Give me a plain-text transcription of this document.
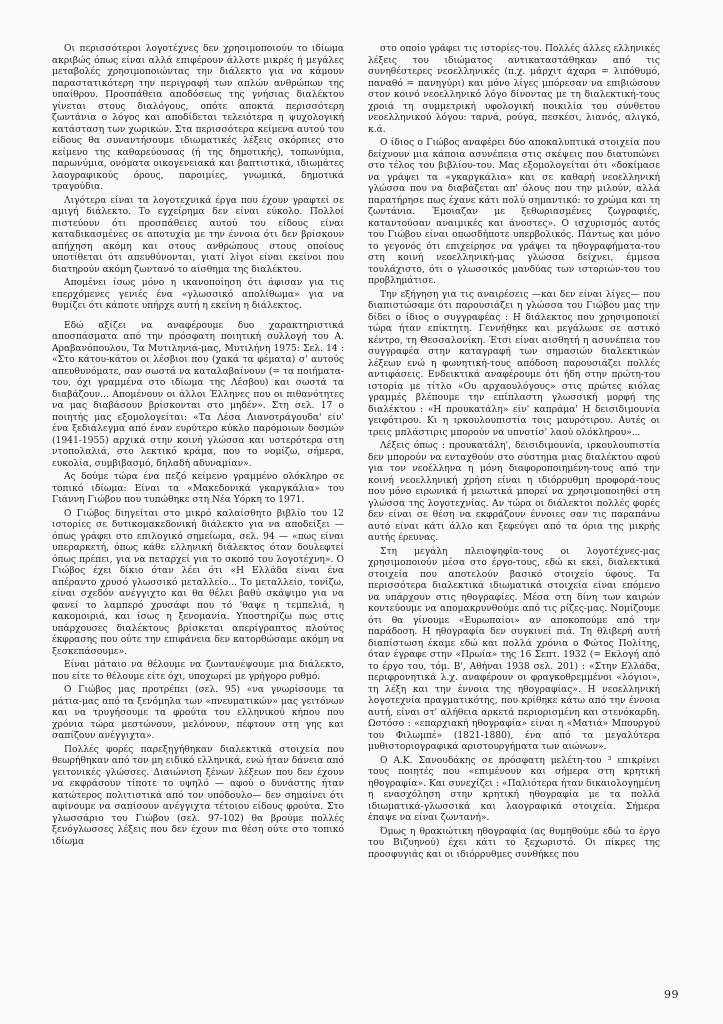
Οι περισσότεροι λογοτέχνες δεν χρησιμοποιούν το ιδίωμα ακριβώς όπως είναι αλλά επιφέρουν άλλοτε μικρές ή μεγάλες μεταβολές χρησιμοποιώντας την διάλεκτο για να κάμουν παραστατικότερη την περιγραφή των απλών ανθρώπων της υπαίθρου. Προσπάθεια αποδόσεως της γνήσιας διαλέκτου γίνεται στους διαλόγους, οπότε αποκτά περισσότερη ζωντάνια ο λόγος και αποδίδεται τελειότερα η ψυχολογική κατάσταση των χωρικών. Στα περισσότερα κείμενα αυτού του είδους θα συναντήσουμε ιδιωματικές λέξεις σκόρπιες στο κείμενο της καθαρεύουσας (ή της δημοτικής), τοπωνύμια, παρωνύμια, ονόματα οικογενειακά και βαπτιστικά, ιδιωμάτες λαογραφικούς όρους, παροιμίες, γνωμικά, δημοτικά τραγούδια.

Λιγότερα είναι τα λογοτεχνικά έργα που έχουν γραφτεί σε αμιγή διάλεκτο. Το εγχείρημα δεν είναι εύκολο. Πολλοί πιστεύουν ότι προσπάθειες αυτού του είδους είναι καταδικασμένες σε αποτυχία με την έννοια ότι δεν βρίσκουν απήχηση ακόμη και στους ανθρώπους στους οποίους υποτίθεται ότι απευθύνονται, γιατί λίγοι είναι εκείνοι που διατηρούν ακόμη ζωντανό το αίσθημα της διαλέκτου.

Απομένει ίσως μόνο η ικανοποίηση ότι άφισαν για τις επερχόμενες γενιές ένα «γλωσσικό απολίθωμα» για να θυμίζει ότι κάποτε υπήρχε αυτή η εκείνη η διάλεκτος.

Εδώ αξίζει να αναφέρουμε δυο χαρακτηριστικά αποσπάσματα από την πρόσφατη ποιητική συλλογή του Α. Αραβανόπουλου, Τα Μυτιληνιά-μας, Μυτιλήνη 1975: Σελ. 14 : «Στο κάτου-κάτου οι λέσβιοι που (χακά τα φέματα) σ' αυτούς απευθυνόματε, σαν σωστά να καταλαβαίνουν (= τα ποιήματα-του, όχι γραμμένα στο ιδίωμα της Λέσβου) και σωστά τα διαβάζουν... Απομένουν οι άλλοι Έλληνες που οι πιθανότητες να μας διαβάσουν βρίσκονται στο μηδέν». Στη σελ. 17 ο ποιητής μας εξομολογείται: «Τα Λέσα Λιανοτράγουδα' είν' ένα ξεδιάλεγμα από έναν ευρύτερο κύκλο παρόμοιων δοσμών (1941-1955) αρχικά στην κοινή γλώσσα και υστερότερα στη ντοπολαλιά, στο λεκτικό κράμα, που το νομίζω, σήμερα, ευκολία, συμβιβασμό, δηλαδή αδυναμίαν».

Ας δούμε τώρα ένα πεζό κείμενο γραμμένο ολόκληρο σε τοπικό ιδίωμα: Είναι τα «Μακεδονικά γκαργκάλια» του Γιάννη Γιώβου που τυπώθηκε στη Νέα Υόρκη το 1971.

Ο Γιώβος διηγείται στο μικρό καλαίσθητο βιβλίο του 12 ιστορίες σε δυτικομακεδονική διάλεκτο για να αποδείξει — όπως γράφει στο επιλογικό σημείωμα, σελ. 94 — «πως είναι υπεραρκετή, όπως κάθε ελληνική διάλεκτος όταν δουλεφτεί όπως πρέπει, για να πεταρχεί για το σκοπό του λογοτέχνη». Ο Γιώβος έχει δίκιο όταν λέει ότι «Η Ελλάδα είναι ένα απέραντο χρυσό γλωσσικό μεταλλείο... Το μεταλλείο, τονίζω, είναι σχεδόν ανέγγιχτο και θα θέλει βαθύ σκάψιμο για να φανεί το λαμπερό χρυσάφι που τό 'θαψε η τεμπελιά, η κακομοιριά, και ίσως η ξενομανία. Υποστηρίζω πως στις υπάρχουσες διαλέκτους βρίσκεται απερίγραπτος πλούτος έκφρασης που ούτε την επιφάνεια δεν κατορθώσαμε ακόμη να ξεσκεπάσουμε».

Είναι μάταιο να θέλουμε να ζωντανέψουμε μια διάλεκτο, που είτε το θέλουμε είτε όχι, υποχωρεί με γρήγορο ρυθμό.

Ο Γιώβος μας προτρέπει (σελ. 95) «να γνωρίσουμε τα μάτια-μας από τα ξενόμηλα των «πνευματικών» μας γειτόνων και να τρυγήσουμε τα φρούτα του ελληνικού κήπου που χρόνια τώρα μεστώνουν, μελόνουν, πέφτουν στη γης και σαπίζουν ανέγγιχτα».

Πολλές φορές παρεξηγήθηκαν διαλεκτικά στοιχεία που θεωρήθηκαν από τον μη ειδικό ελληνικά, ενώ ήταν δάνεια από γειτονικές γλώσσες. Διαιώνιση ξένων λέξεων που δεν έχουν να εκφράσουν τίποτε το υψηλό — αφού ο δυνάστης ήταν κατώτερος πολιτιστικά από τον υπόδουλο— δεν σημαίνει ότι αφίνουμε να σαπίσουν ανέγγιχτα τέτοιου είδους φρούτα. Στο γλωσσάριο του Γιώβου (σελ. 97-102) θα βρούμε πολλές ξενόγλωσσες λέξεις που δεν έχουν πια θέση ούτε στο τοπικό ιδίωμα

στο οποίο γράφει τις ιστορίες-του. Πολλές άλλες ελληνικές λέξεις του ιδιώματος αντικαταστάθηκαν από τις συνηθέστερες νεοελληνικές (π.χ. μάρχιτ άχαρα = λιπόθυμό, παναθό = πανηγύρι) και μόνο λίγες μπόρεσαν να επιβιώσουν στον κοινό νεοελληνικό λόγο δίνοντας με τη διαλεκτική-τους χροιά τη συμμετρική υφολογική ποικιλία του σύνθετου νεοελληνικού λόγου: ταρνά, ρούγα, πεσκέσι, λιανός, αλιγκό, κ.ά.

Ο ίδιος ο Γιώβος αναφέρει δύο αποκαλυπτικά στοιχεία που δείχνουν μια κάποια ασυνέπεια στις σκέψεις που διατυπώνει στο τέλος του βιβλίου-του. Μας εξομολογείται ότι «δοκίμασε να γράψει τα «γκαργκάλια» και σε καθαρή νεοελληνική γλώσσα που να διαβάζεται απ' όλους που την μιλούν, αλλά παρατήρησε πως έχανε κάτι πολύ σημαντικό: το χρώμα και τη ζωντάνια. Έμοιαζαν με ξεθωριασμένες ζωγραφιές, καταντούσαν αναιμικές και άνοστες». Ο ισχυρισμός αυτός του Γιώβου είναι οπωσδήποτε υπερβολικός. Πάντως και μόνο το γεγονός ότι επιχείρησε να γράψει τα ηθογραφήματα-του στη κοινή νεοελληνική-μας γλώσσα δείχνει, έμμεσα τουλάχιστο, ότι ο γλωσσικός μανδύας των ιστοριών-του του προβλημάτισε.

Την εξήγηση για τις αναιρέσεις —και δεν είναι λίγες— που διαπιστώσαμε ότι παρουσιάζει η γλώσσα του Γιώβου μας την δίδει ο ίδιος ο συγγραφέας : Η διάλεκτος που χρησιμοποιεί τώρα ήταν επίκτητη. Γεννήθηκε και μεγάλωσε σε αστικό κέντρο, τη Θεσσαλονίκη. Έτσι είναι αισθητή η ασυνέπεια του συγγραφέα στην καταγραφή των σημασιών διαλεκτικών λέξεων ενώ η φωνητική-τους απόδοση παρουσιάζει πολλές αντιφάσεις. Ενδεικτικά αναφέρουμε ότι ήδη στην πρώτη-του ιστορία με τίτλο «Ου αρχαουλόγους» στις πρώτες κιόλας γραμμές βλέπουμε την επίπλαστη γλωσσική μορφή της διαλέκτου : «Η προυκατάλη» είν' καπράμα' Η δεισιδιμουνία γειφότιρου. Κι η ιρκουλουπιστία τοις μαυρότιρου. Αυτές οι τρεις μπλάστιρις μπορούν να υπνοτίσ' λαού ολόκληρου»...

Λέξεις όπως : προυκατάλη', δεισιδιμουνία, ιρκουλουπιστία δεν μπορούν να ενταχθούν στο σύστημα μιας διαλέκτου αφού για τον νεοέλληνα η μόνη διαφοροποιημένη-τους από την κοινή νεοελληνική χρήση είναι η ιδιόρρυθμη προφορά-τους που μόνο ειρωνικά ή μειωτικά μπορεί να χρησιμοποιηθεί στη γλώσσα της λογοτεχνίας. Αν τώρα οι διάλεκτοι πολλές φορές δεν είναι σε θέση να εκφράζουν έννοιες σαν τις παραπάνω αυτό είναι κάτι άλλο και ξεφεύγει από τα όρια της μικρής αυτής έρευνας.

Στη μεγάλη πλειοψηφία-τους οι λογοτέχνες-μας χρησιμοποιούν μέσα στο έργο-τους, εδώ κι εκεί, διαλεκτικά στοιχεία που αποτελούν βασικό στοιχείο ύφους. Τα περισσότερα διαλεκτικά ιδιωματικά στοιχεία είναι επόμενο να υπάρχουν στις ηθογραφίες. Μέσα στη δίνη των καιρών κοντεύουμε να απομακρυνθούμε από τις ρίζες-μας. Νομίζουμε ότι θα γίνουμε «Ευρωπαίοι» αν αποκοπούμε από την παράδοση. Η ηθογραφία δεν συγκινεί πιά. Τη θλιβερή αυτή διαπίστωση έκαμε εδώ και πολλά χρόνια ο Φώτος Πολίτης, όταν έγραφε στην «Πρωία» της 16 Σεπτ. 1932 (= Εκλογή από το έργο του, τόμ. Β', Αθήναι 1938 σελ. 201) : «Στην Ελλάδα, περιφρονητικά λ.χ. αναφέρουν οι φραγκοθρεμμένοι «λόγιοι», τη λέξη και την έννοια της ηθογραφίας». Η νεοελληνική λογοτεχνία πραγματικότης, που κρίθηκε κάτω από την έννοια αυτή, είναι στ' αλήθεια αρκετά περιορισμένη και στενόκαρδη. Ωστόσο : «επαρχιακή ηθογραφία» είναι η «Ματιά» Μπουργού του Φιλωμπέ» (1821-1880), ένα από τα μεγαλύτερα μυθιστοριογραφικά αριστουργήματα των αιώνων».

Ο Α.Κ. Σανουδάκης σε πρόσφατη μελέτη-του ³ επικρίνει τους ποιητές που «επιμένουν και σήμερα στη κρητική ηθογραφία». Και συνεχίζει : «Παλιότερα ήταν δικαιολογημένη η ενασχόληση στην κρητική ηθογραφία με τα πολλά ιδιωματικά-γλωσσικά και λαογραφικά στοιχεία. Σήμερα έπαψε να είναι ζωντανή».

Όμως η θρακιώτικη ηθογραφία (ας θυμηθούμε εδώ το έργο του Βιζυηνού) έχει κάτι το ξεχωριστό. Οι πίκρες της προσφυγιάς και οι ιδιόρρυθμες συνθήκες που

99
